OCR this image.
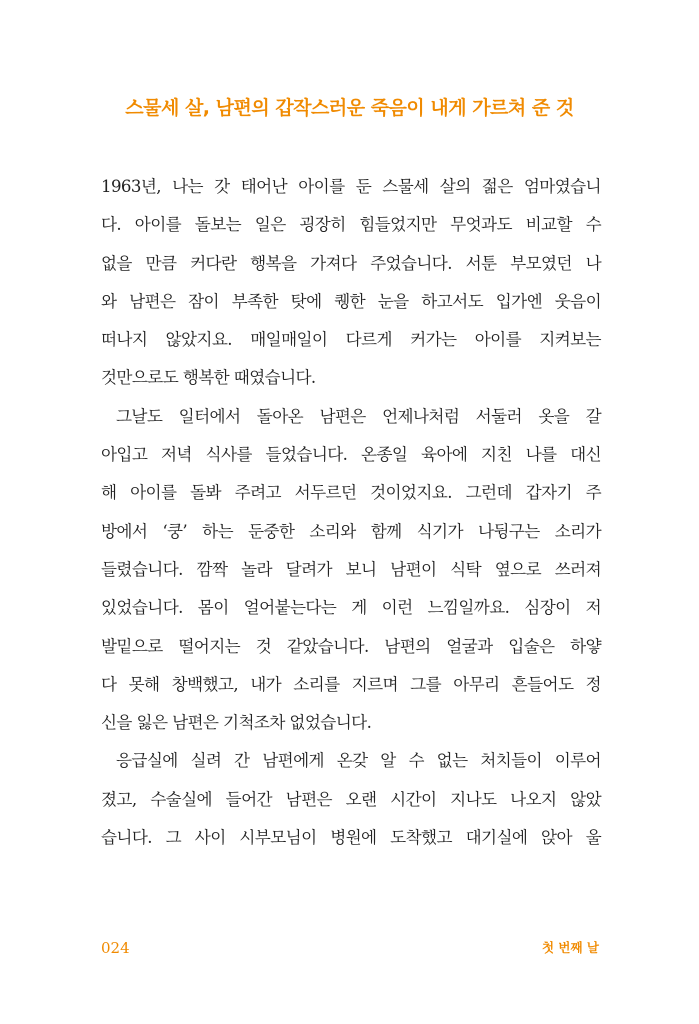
스물세 살, 남편의 갑작스러운 죽음이 내게 가르쳐 준 것
1963년, 나는 갓 태어난 아이를 둔 스물세 살의 젊은 엄마였습니
다. 아이를 돌보는 일은 굉장히 힘들었지만 무엇과도 비교할 수
없을 만큼 커다란 행복을 가져다 주었습니다. 서툰 부모였던 나
와 남편은 잠이 부족한 탓에 퀭한 눈을 하고서도 입가엔 웃음이
떠나지 않았지요. 매일매일이 다르게 커가는 아이를 지켜보는
것만으로도 행복한 때였습니다.
그날도 일터에서 돌아온 남편은 언제나처럼 서둘러 옷을 갈
아입고 저녁 식사를 들었습니다. 온종일 육아에 지친 나를 대신
해 아이를 돌봐 주려고 서두르던 것이었지요. 그런데 갑자기 주
방에서 ‘쿵’ 하는 둔중한 소리와 함께 식기가 나뒹구는 소리가
들렸습니다. 깜짝 놀라 달려가 보니 남편이 식탁 옆으로 쓰러져
있었습니다. 몸이 얼어붙는다는 게 이런 느낌일까요. 심장이 저
발밑으로 떨어지는 것 같았습니다. 남편의 얼굴과 입술은 하얗
다 못해 창백했고, 내가 소리를 지르며 그를 아무리 흔들어도 정
신을 잃은 남편은 기척조차 없었습니다.
응급실에 실려 간 남편에게 온갖 알 수 없는 처치들이 이루어
졌고, 수술실에 들어간 남편은 오랜 시간이 지나도 나오지 않았
습니다. 그 사이 시부모님이 병원에 도착했고 대기실에 앉아 울
024	첫 번째 날
